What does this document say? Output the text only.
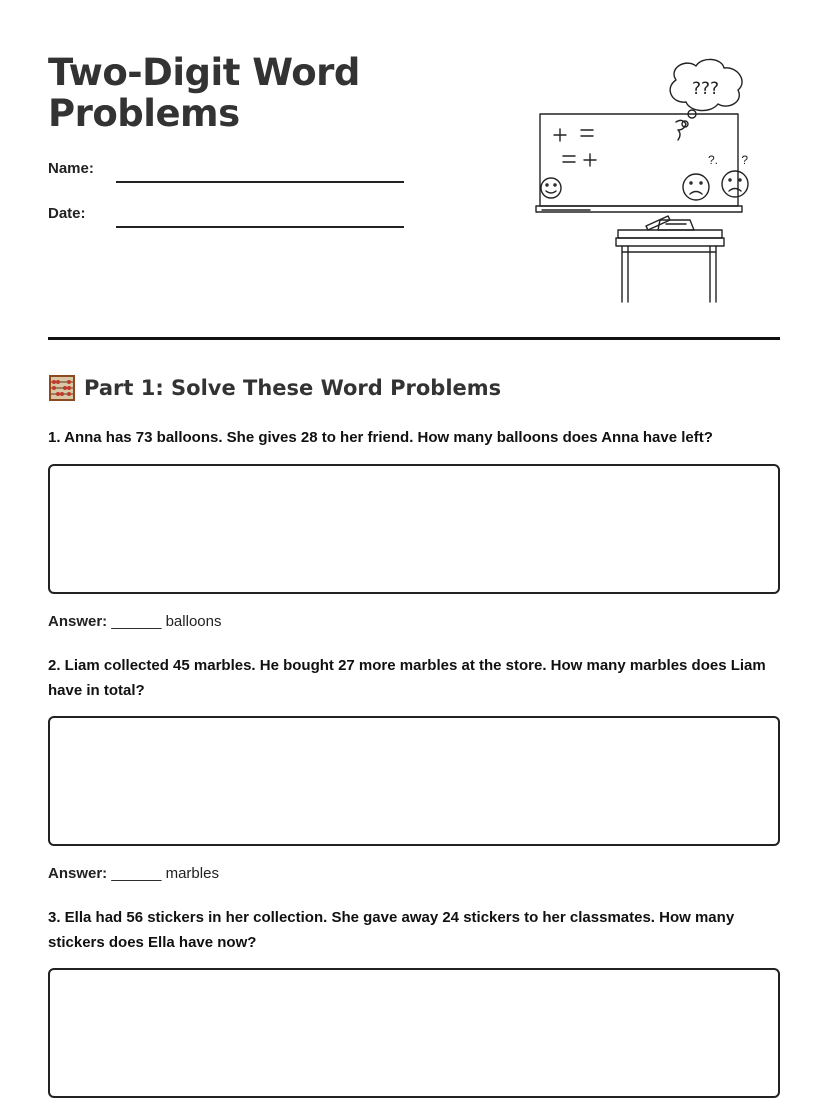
Two-Digit Word
Problems
Name:
Date:
???
?. ?
Part 1: Solve These Word Problems

1. Anna has 73 balloons. She gives 28 to her friend. How many balloons does Anna have left?

Answer: ______ balloons

2. Liam collected 45 marbles. He bought 27 more marbles at the store. How many marbles does Liam have in total?

Answer: ______ marbles

3. Ella had 56 stickers in her collection. She gave away 24 stickers to her classmates. How many stickers does Ella have now?
